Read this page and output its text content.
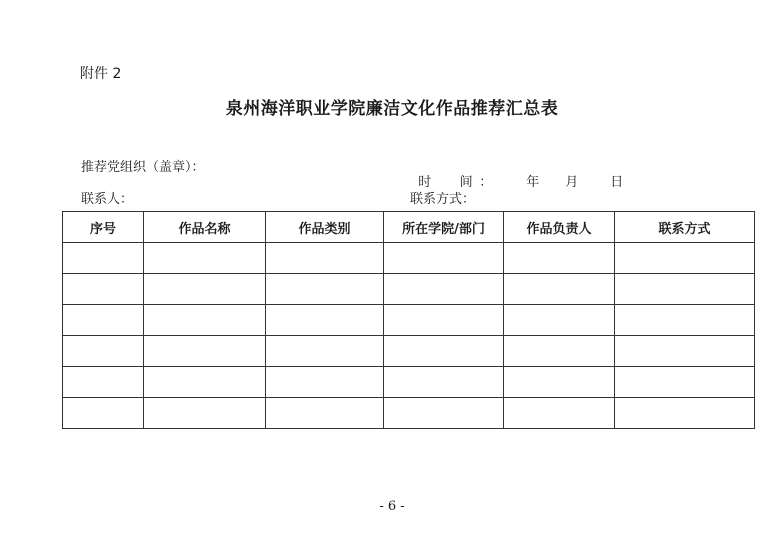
附件 2
泉州海洋职业学院廉洁文化作品推荐汇总表
推荐党组织（盖章）：

时  间：	年 月 日

联系人：	联系方式：
序号	作品名称	作品类别	所在学院/部门	作品负责人	联系方式

- 6 -
